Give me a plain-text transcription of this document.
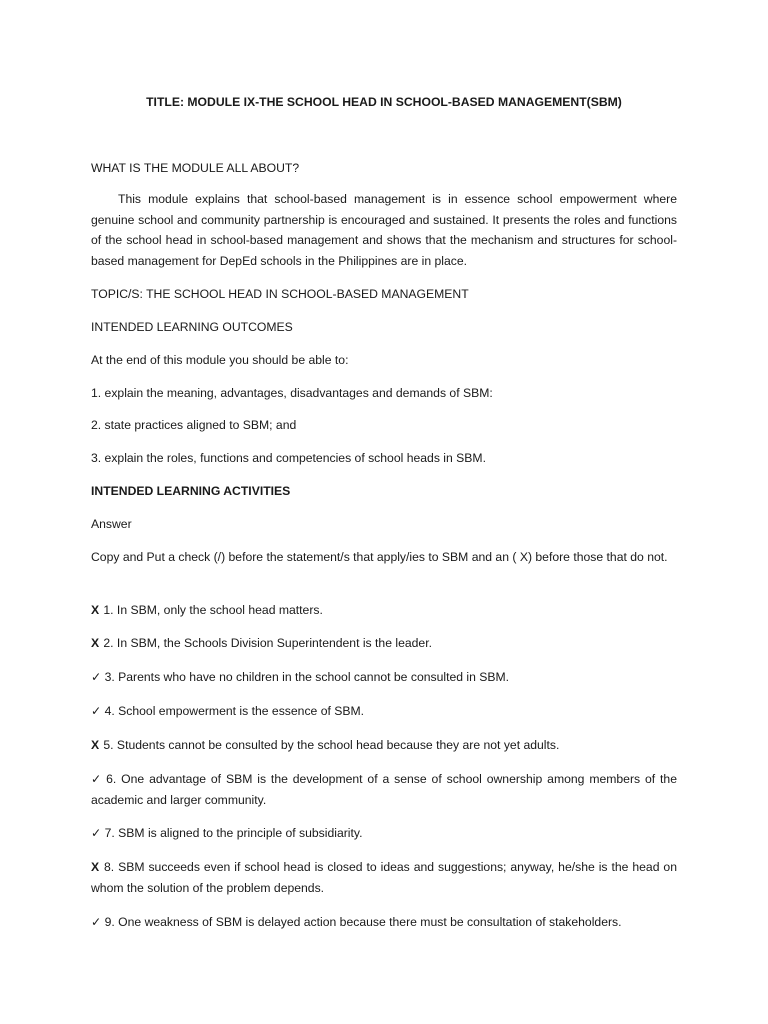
TITLE: MODULE IX-THE SCHOOL HEAD IN SCHOOL-BASED MANAGEMENT(SBM)
WHAT IS THE MODULE ALL ABOUT?
This module explains that school-based management is in essence school empowerment where genuine school and community partnership is encouraged and sustained. It presents the roles and functions of the school head in school-based management and shows that the mechanism and structures for school-based management for DepEd schools in the Philippines are in place.
TOPIC/S: THE SCHOOL HEAD IN SCHOOL-BASED MANAGEMENT
INTENDED LEARNING OUTCOMES
At the end of this module you should be able to:
1. explain the meaning, advantages, disadvantages and demands of SBM:
2. state practices aligned to SBM; and
3. explain the roles, functions and competencies of school heads in SBM.
INTENDED LEARNING ACTIVITIES
Answer
Copy and Put a check (/) before the statement/s that apply/ies to SBM and an ( X) before those that do not.
X 1. In SBM, only the school head matters.
X 2. In SBM, the Schools Division Superintendent is the leader.
✓ 3. Parents who have no children in the school cannot be consulted in SBM.
✓ 4. School empowerment is the essence of SBM.
X 5. Students cannot be consulted by the school head because they are not yet adults.
✓ 6. One advantage of SBM is the development of a sense of school ownership among members of the academic and larger community.
✓ 7. SBM is aligned to the principle of subsidiarity.
X 8. SBM succeeds even if school head is closed to ideas and suggestions; anyway, he/she is the head on whom the solution of the problem depends.
✓ 9. One weakness of SBM is delayed action because there must be consultation of stakeholders.
